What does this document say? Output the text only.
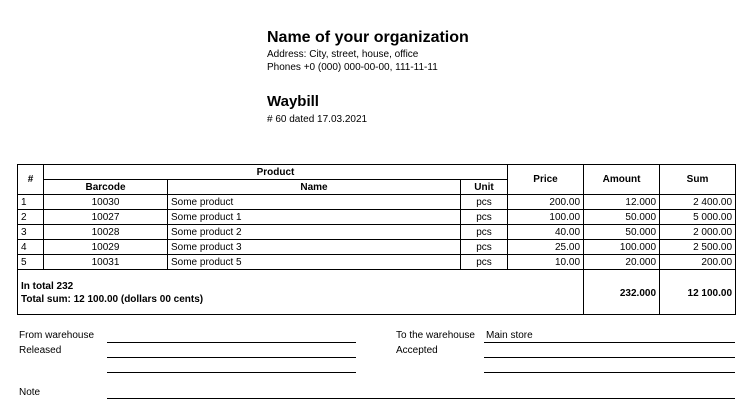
Name of your organization
Address: City, street, house, office
Phones +0 (000) 000-00-00, 111-11-11
Waybill
# 60 dated 17.03.2021
#	Product			Price	Amount	Sum
	Barcode	Name	Unit			
1	10030	Some product	pcs	200.00	12.000	2 400.00
2	10027	Some product 1	pcs	100.00	50.000	5 000.00
3	10028	Some product 2	pcs	40.00	50.000	2 000.00
4	10029	Some product 3	pcs	25.00	100.000	2 500.00
5	10031	Some product 5	pcs	10.00	20.000	200.00

In total 232
Total sum: 12 100.00 (dollars 00 cents)					232.000	12 100.00
From warehouse
Released
To the warehouse Main store
Accepted
Note
